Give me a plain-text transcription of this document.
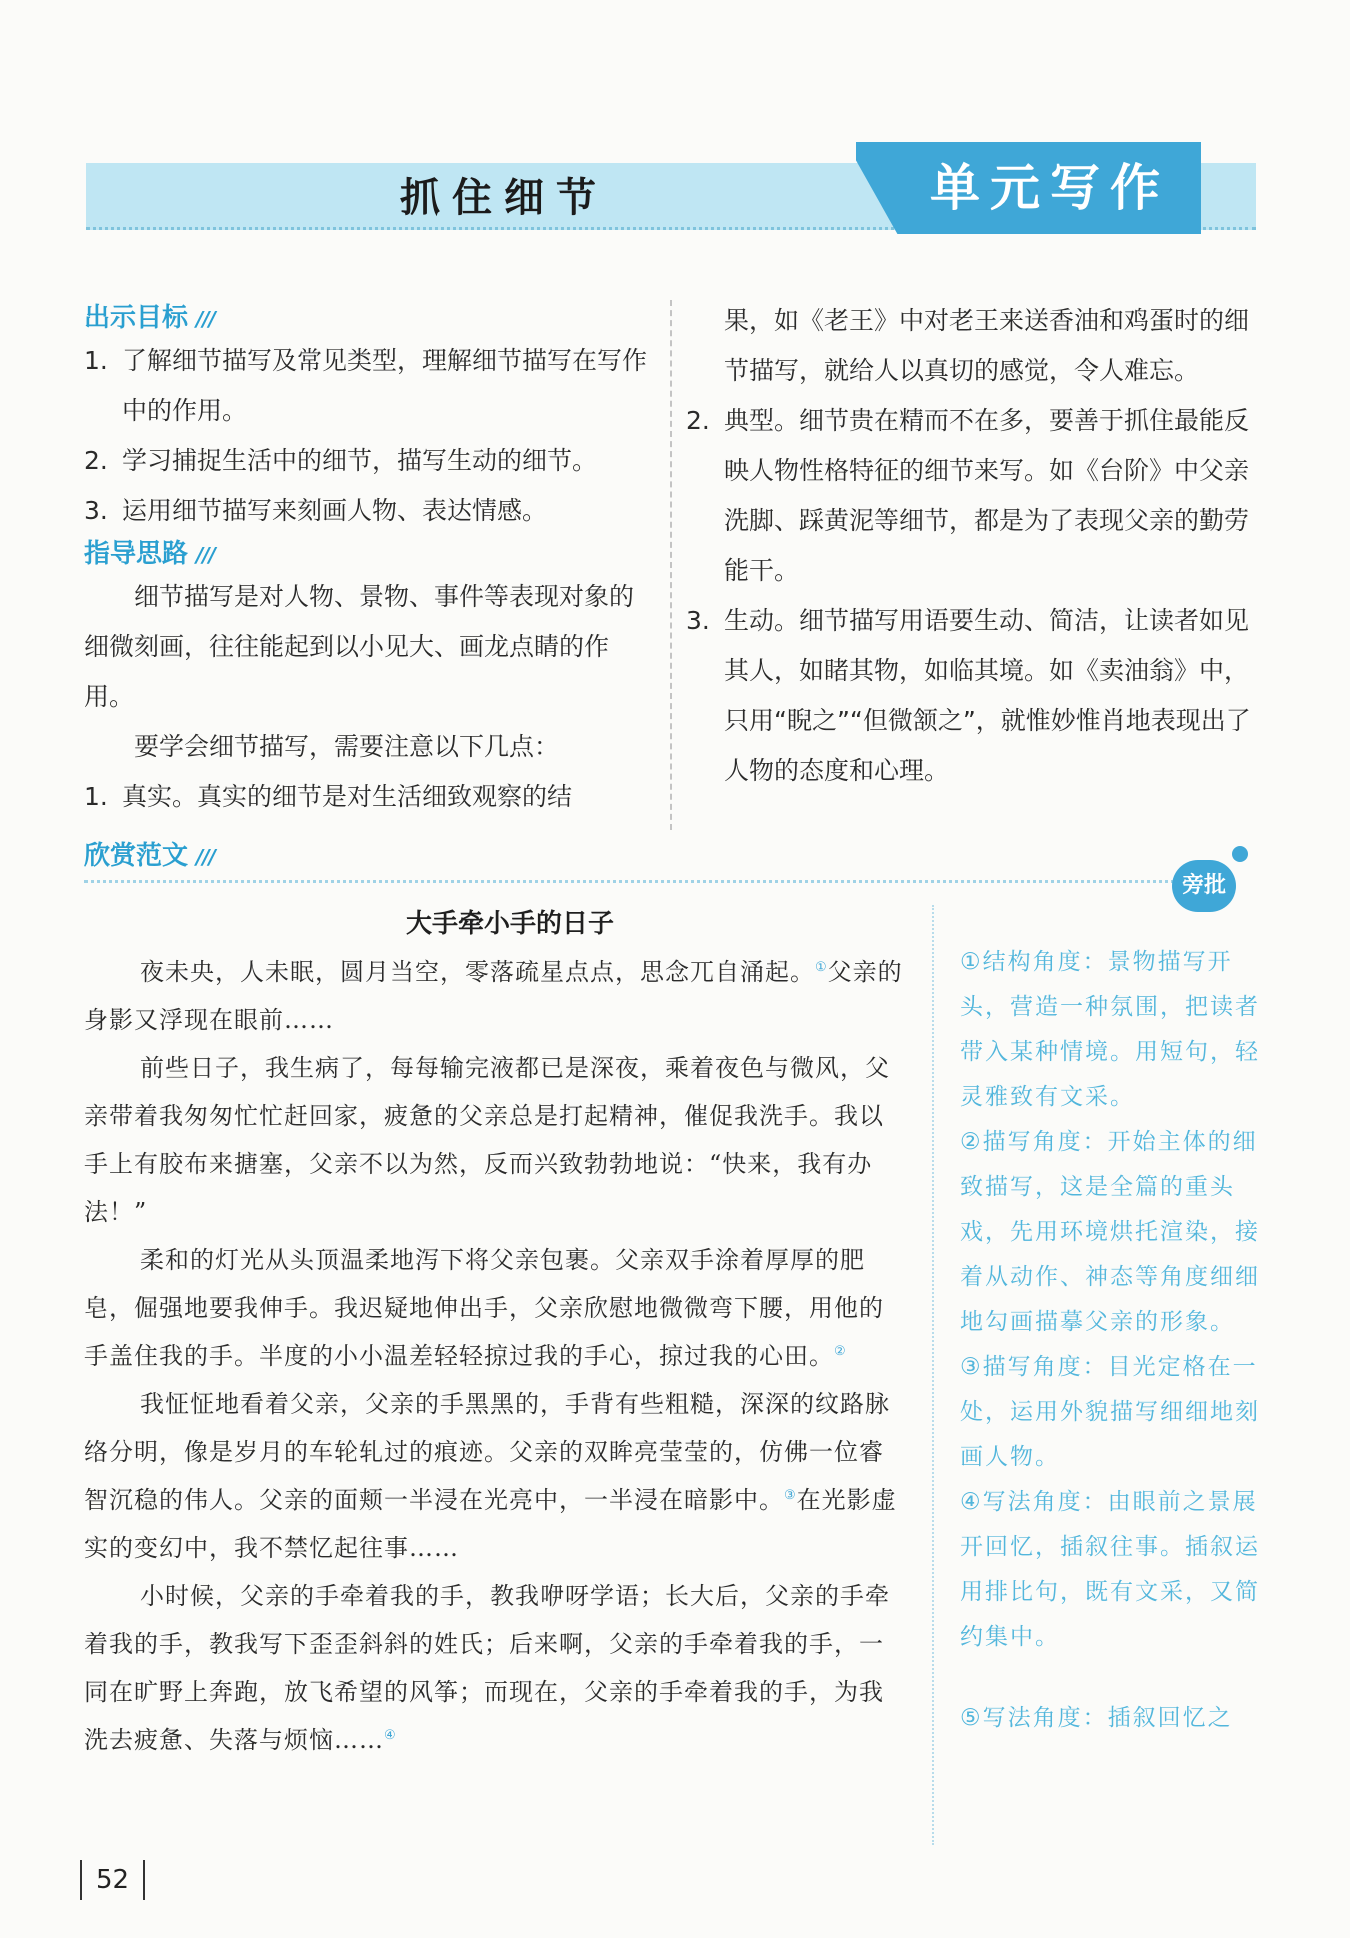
抓住细节	单元写作
出示目标 ///
1. 了解细节描写及常见类型，理解细节描写在写作中的作用。
2. 学习捕捉生活中的细节，描写生动的细节。
3. 运用细节描写来刻画人物、表达情感。
指导思路 ///
细节描写是对人物、景物、事件等表现对象的细微刻画，往往能起到以小见大、画龙点睛的作用。
要学会细节描写，需要注意以下几点：
1. 真实。真实的细节是对生活细致观察的结
果，如《老王》中对老王来送香油和鸡蛋时的细节描写，就给人以真切的感觉，令人难忘。
2. 典型。细节贵在精而不在多，要善于抓住最能反映人物性格特征的细节来写。如《台阶》中父亲洗脚、踩黄泥等细节，都是为了表现父亲的勤劳能干。
3. 生动。细节描写用语要生动、简洁，让读者如见其人，如睹其物，如临其境。如《卖油翁》中，只用“睨之”“但微颔之”，就惟妙惟肖地表现出了人物的态度和心理。
欣赏范文 ///
旁批
大手牵小手的日子

夜未央，人未眠，圆月当空，零落疏星点点，思念兀自涌起。①父亲的身影又浮现在眼前……

前些日子，我生病了，每每输完液都已是深夜，乘着夜色与微风，父亲带着我匆匆忙忙赶回家，疲惫的父亲总是打起精神，催促我洗手。我以手上有胶布来搪塞，父亲不以为然，反而兴致勃勃地说：“快来，我有办法！”

柔和的灯光从头顶温柔地泻下将父亲包裹。父亲双手涂着厚厚的肥皂，倔强地要我伸手。我迟疑地伸出手，父亲欣慰地微微弯下腰，用他的手盖住我的手。半度的小小温差轻轻掠过我的手心，掠过我的心田。②

我怔怔地看着父亲，父亲的手黑黑的，手背有些粗糙，深深的纹路脉络分明，像是岁月的车轮轧过的痕迹。父亲的双眸亮莹莹的，仿佛一位睿智沉稳的伟人。父亲的面颊一半浸在光亮中，一半浸在暗影中。③在光影虚实的变幻中，我不禁忆起往事……

小时候，父亲的手牵着我的手，教我咿呀学语；长大后，父亲的手牵着我的手，教我写下歪歪斜斜的姓氏；后来啊，父亲的手牵着我的手，一同在旷野上奔跑，放飞希望的风筝；而现在，父亲的手牵着我的手，为我洗去疲惫、失落与烦恼……④

①结构角度：景物描写开头，营造一种氛围，把读者带入某种情境。用短句，轻灵雅致有文采。

②描写角度：开始主体的细致描写，这是全篇的重头戏，先用环境烘托渲染，接着从动作、神态等角度细细地勾画描摹父亲的形象。

③描写角度：目光定格在一处，运用外貌描写细细地刻画人物。

④写法角度：由眼前之景展开回忆，插叙往事。插叙运用排比句，既有文采，又简约集中。

⑤写法角度：插叙回忆之

52
